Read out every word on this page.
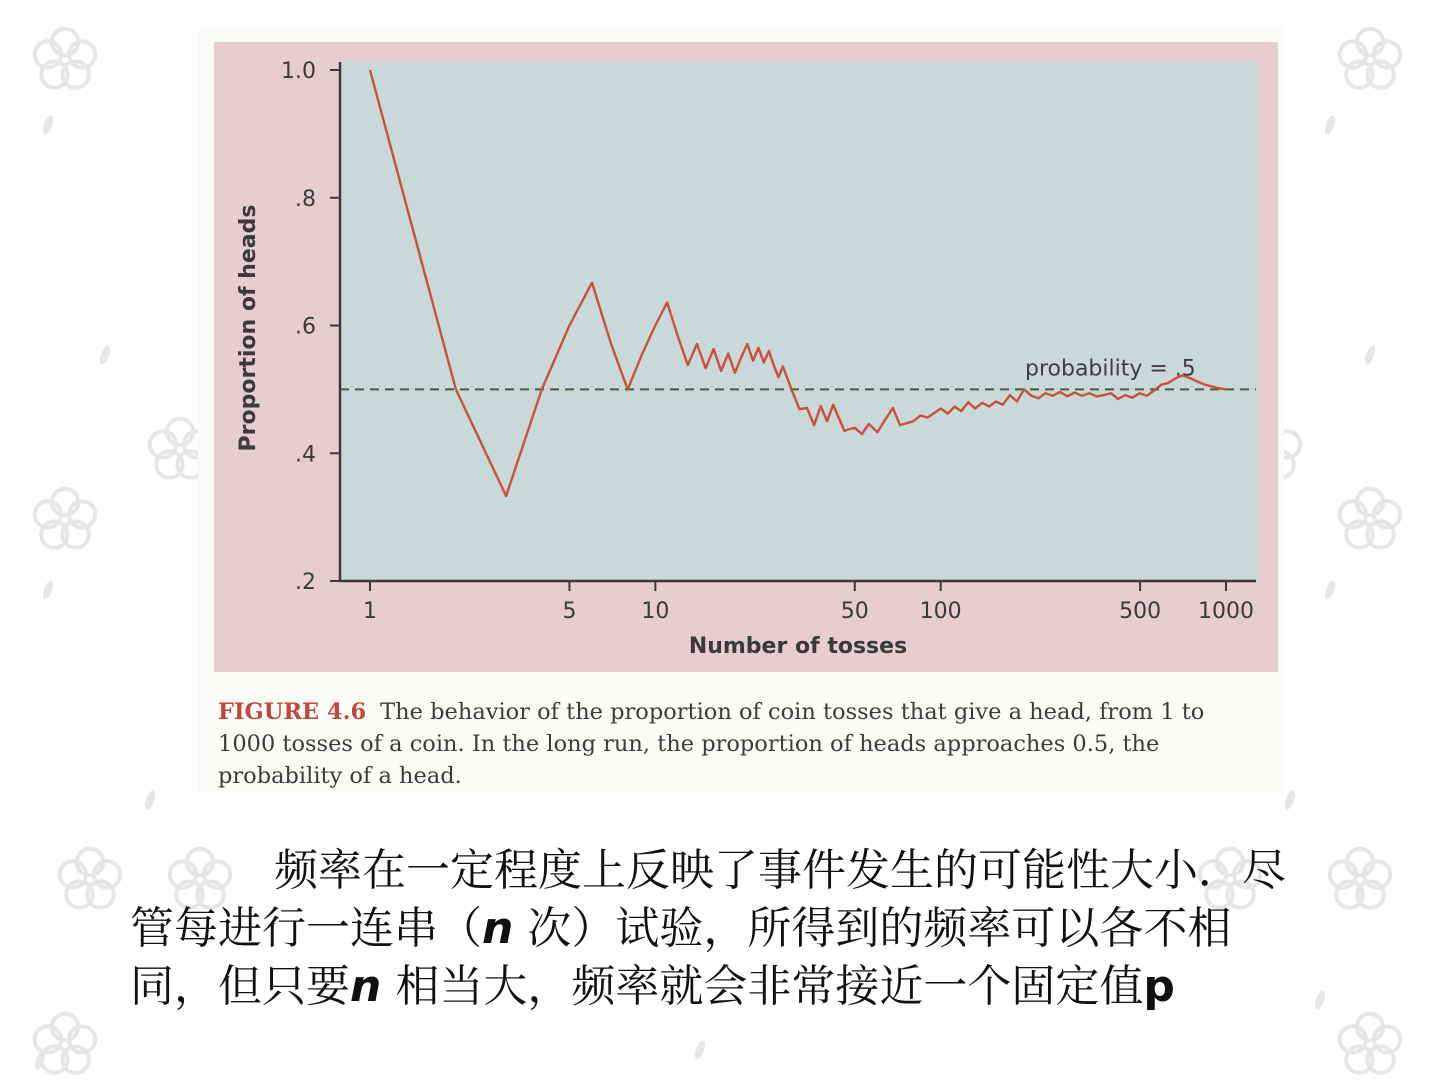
probability = .5
.2
.4
.6
.8
1.0
1	5	10	50 100	500 1000
Number of tosses
Proportion of heads
FIGURE 4.6 The behavior of the proportion of coin tosses that give a head, from 1 to 1000 tosses of a coin. In the long run, the proportion of heads approaches 0.5, the probability of a head.
频率在一定程度上反映了事件发生的可能性大小．尽
管每进行一连串（n 次）试验，所得到的频率可以各不相
同，但只要n 相当大，频率就会非常接近一个固定值p
